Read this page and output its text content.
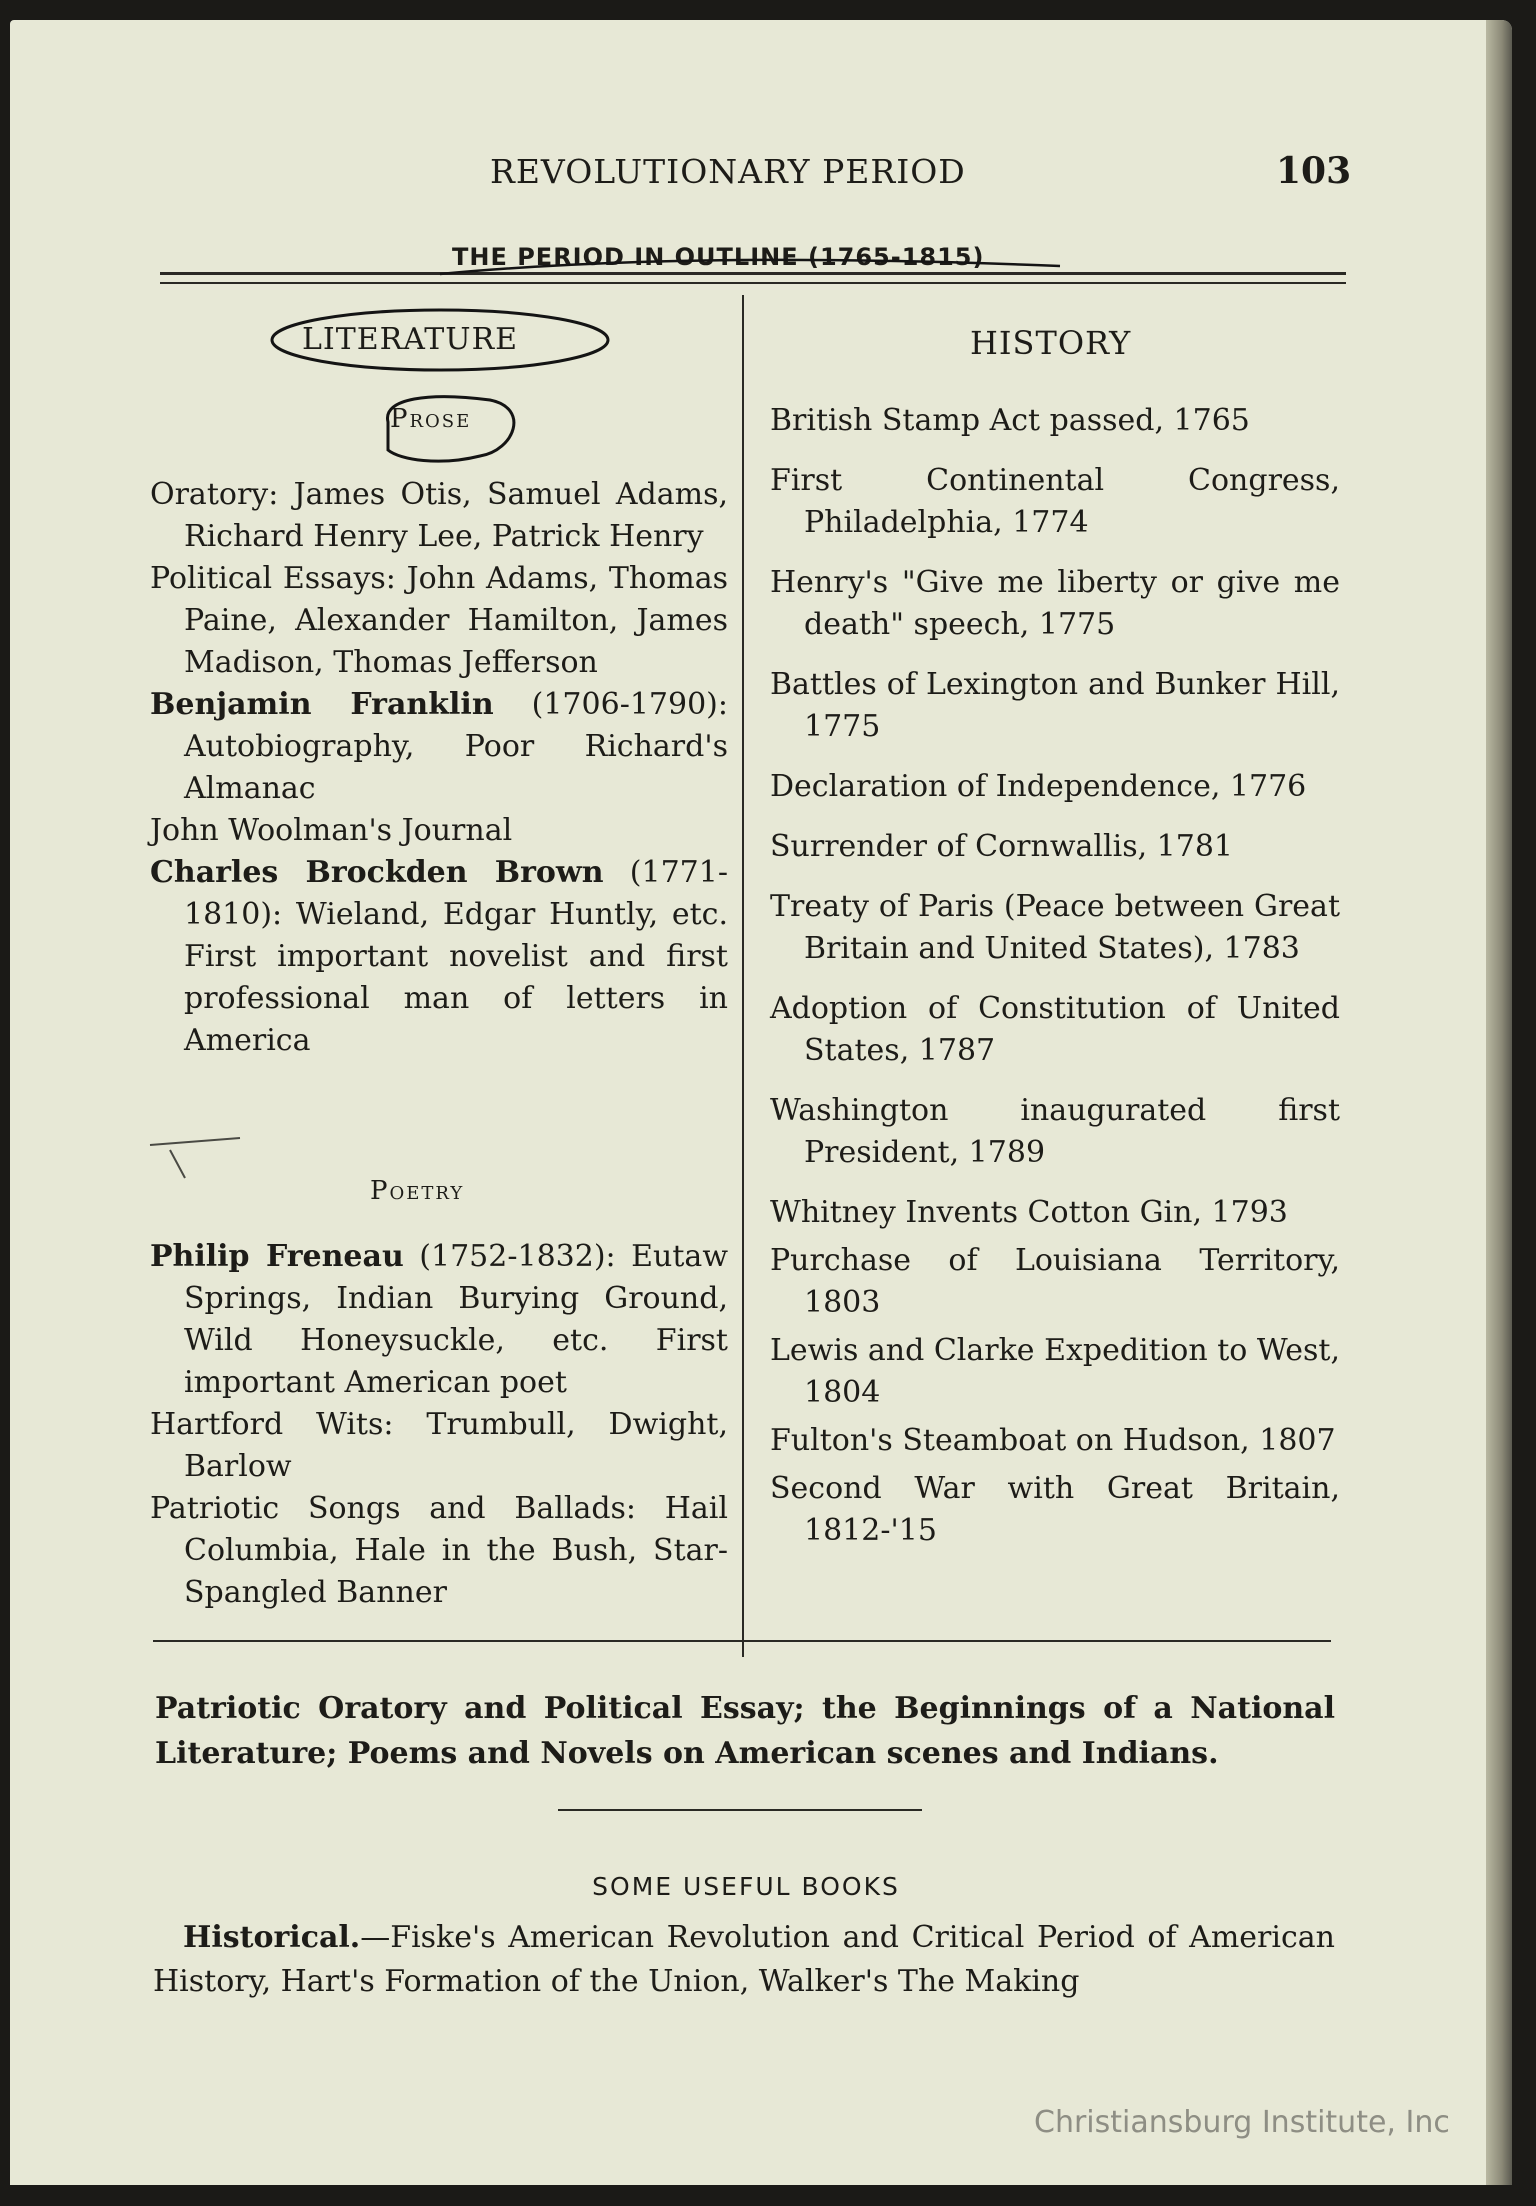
REVOLUTIONARY PERIOD	103
THE PERIOD IN OUTLINE (1765-1815)
LITERATURE
Prose
Oratory: James Otis, Samuel Adams, Richard Henry Lee, Patrick Henry
Political Essays: John Adams, Thomas Paine, Alexander Hamilton, James Madison, Thomas Jefferson
Benjamin Franklin (1706-1790): Autobiography, Poor Richard's Almanac
John Woolman's Journal
Charles Brockden Brown (1771-1810): Wieland, Edgar Huntly, etc. First important novelist and first professional man of letters in America
Poetry
Philip Freneau (1752-1832): Eutaw Springs, Indian Burying Ground, Wild Honeysuckle, etc. First important American poet
Hartford Wits: Trumbull, Dwight, Barlow
Patriotic Songs and Ballads: Hail Columbia, Hale in the Bush, Star-Spangled Banner
HISTORY
British Stamp Act passed, 1765
First Continental Congress, Philadelphia, 1774
Henry's "Give me liberty or give me death" speech, 1775
Battles of Lexington and Bunker Hill, 1775
Declaration of Independence, 1776
Surrender of Cornwallis, 1781
Treaty of Paris (Peace between Great Britain and United States), 1783
Adoption of Constitution of United States, 1787
Washington inaugurated first President, 1789
Whitney Invents Cotton Gin, 1793
Purchase of Louisiana Territory, 1803
Lewis and Clarke Expedition to West, 1804
Fulton's Steamboat on Hudson, 1807
Second War with Great Britain, 1812-'15
Patriotic Oratory and Political Essay; the Beginnings of a National Literature; Poems and Novels on American scenes and Indians.
SOME USEFUL BOOKS
Historical.—Fiske's American Revolution and Critical Period of American History, Hart's Formation of the Union, Walker's The Making
Christiansburg Institute, Inc
